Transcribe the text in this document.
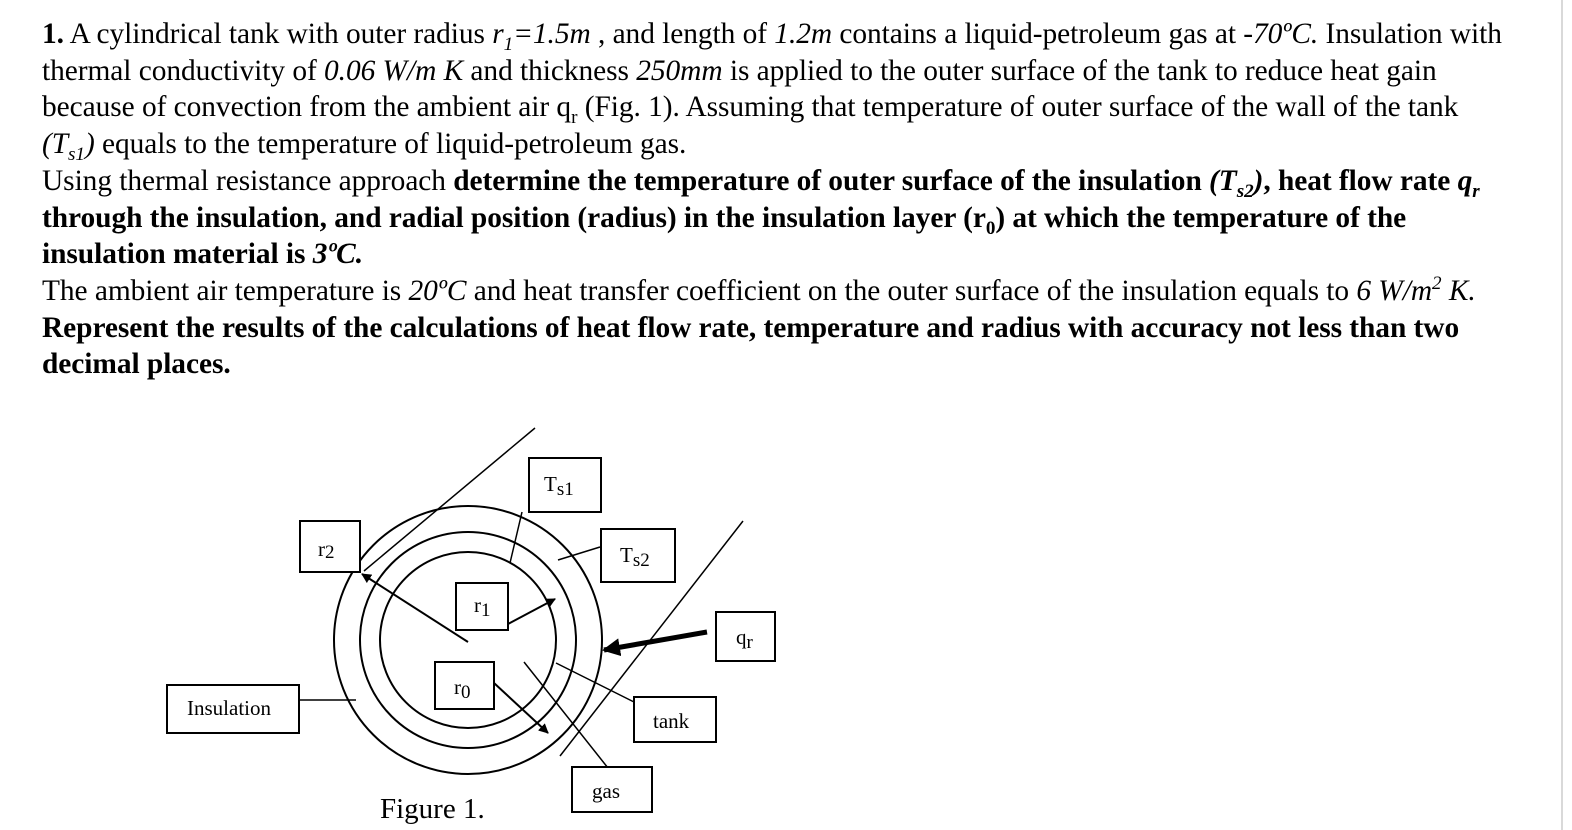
1. A cylindrical tank with outer radius $r_1=1.5m$ , and length of 1.2m contains a liquid-petroleum gas at -70ºC. Insulation with thermal conductivity of 0.06 W/m K and thickness 250mm is applied to the outer surface of the tank to reduce heat gain because of convection from the ambient air $q_r$ (Fig. 1). Assuming that temperature of outer surface of the wall of the tank $(T_{s1})$ equals to the temperature of liquid-petroleum gas.

Using thermal resistance approach determine the temperature of outer surface of the insulation $(T_{s2})$, heat flow rate $q_r$ through the insulation, and radial position (radius) in the insulation layer $(r_0)$ at which the temperature of the insulation material is 3ºC.

The ambient air temperature is 20ºC and heat transfer coefficient on the outer surface of the insulation equals to 6 $W/m^2$ K.

Represent the results of the calculations of heat flow rate, temperature and radius with accuracy not less than two decimal places.

Ts1
Ts2
r2
r1
r0
qr
Insulation
tank
gas
Figure 1.
